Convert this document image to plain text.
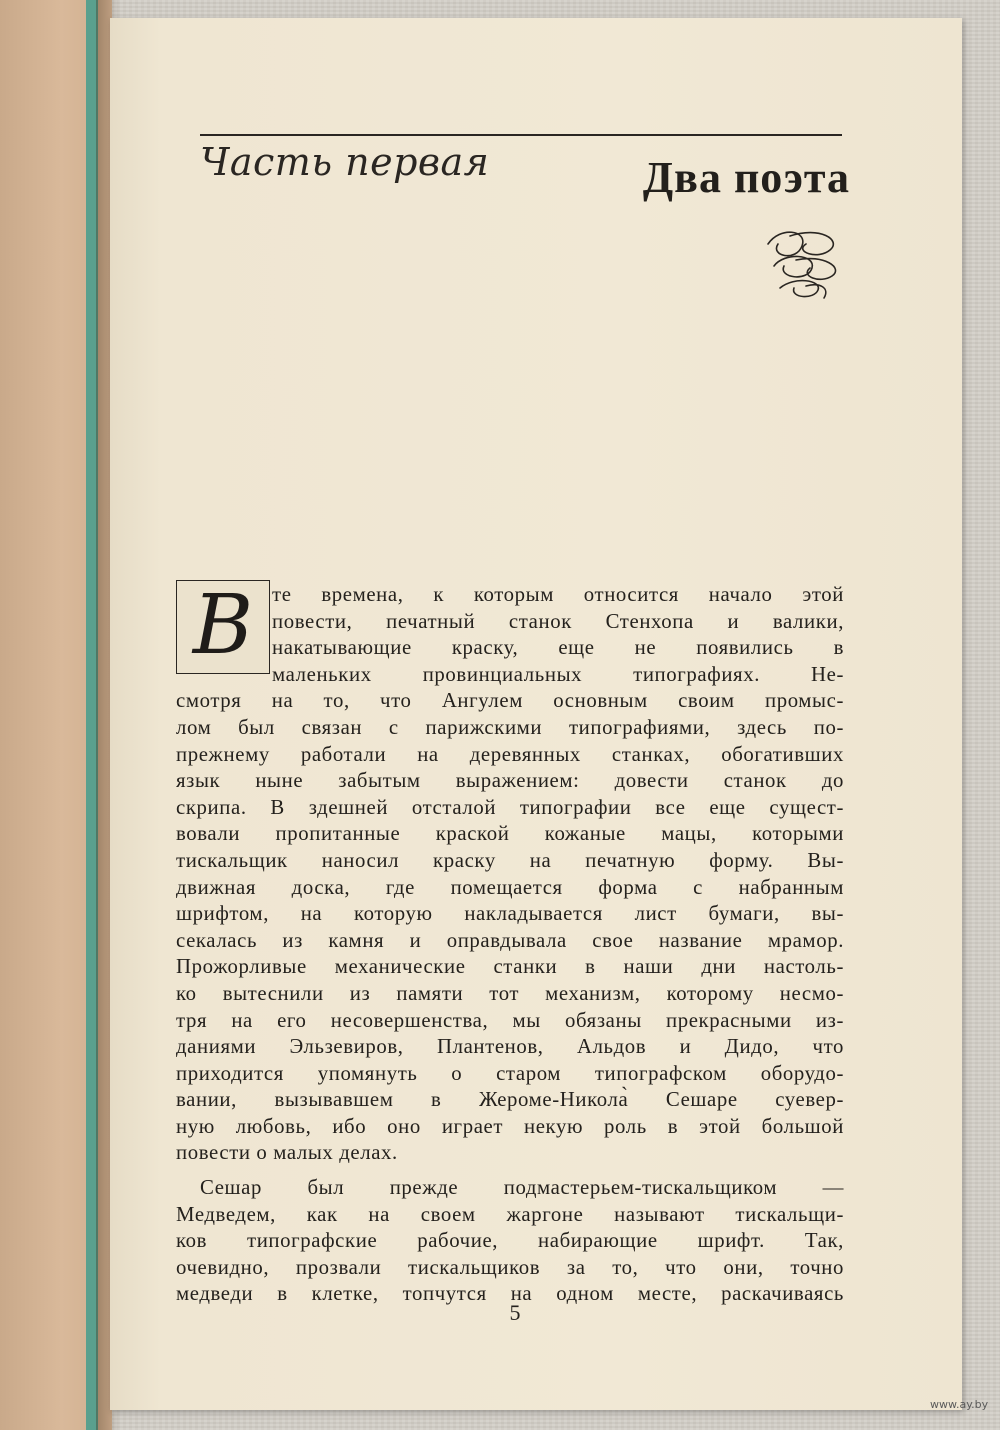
Часть первая	Два поэта
В те времена, к которым относится начало этой
повести, печатный станок Стенхопа и валики,
накатывающие краску, еще не появились в
маленьких провинциальных типографиях. Не-
смотря на то, что Ангулем основным своим промыс-
лом был связан с парижскими типографиями, здесь по-
прежнему работали на деревянных станках, обогативших
язык ныне забытым выражением: довести станок до
скрипа. В здешней отсталой типографии все еще сущест-
вовали пропитанные краской кожаные мацы, которыми
тискальщик наносил краску на печатную форму. Вы-
движная доска, где помещается форма с набранным
шрифтом, на которую накладывается лист бумаги, вы-
секалась из камня и оправдывала свое название мрамор.
Прожорливые механические станки в наши дни настоль-
ко вытеснили из памяти тот механизм, которому несмо-
тря на его несовершенства, мы обязаны прекрасными из-
даниями Эльзевиров, Плантенов, Альдов и Дидо, что
приходится упомянуть о старом типографском оборудо-
вании, вызывавшем в Жероме-Никола̀ Сешаре суевер-
ную любовь, ибо оно играет некую роль в этой большой
повести о малых делах.
Сешар был прежде подмастерьем-тискальщиком —
Медведем, как на своем жаргоне называют тискальщи-
ков типографские рабочие, набирающие шрифт. Так,
очевидно, прозвали тискальщиков за то, что они, точно
медведи в клетке, топчутся на одном месте, раскачиваясь
5
www.ay.by
